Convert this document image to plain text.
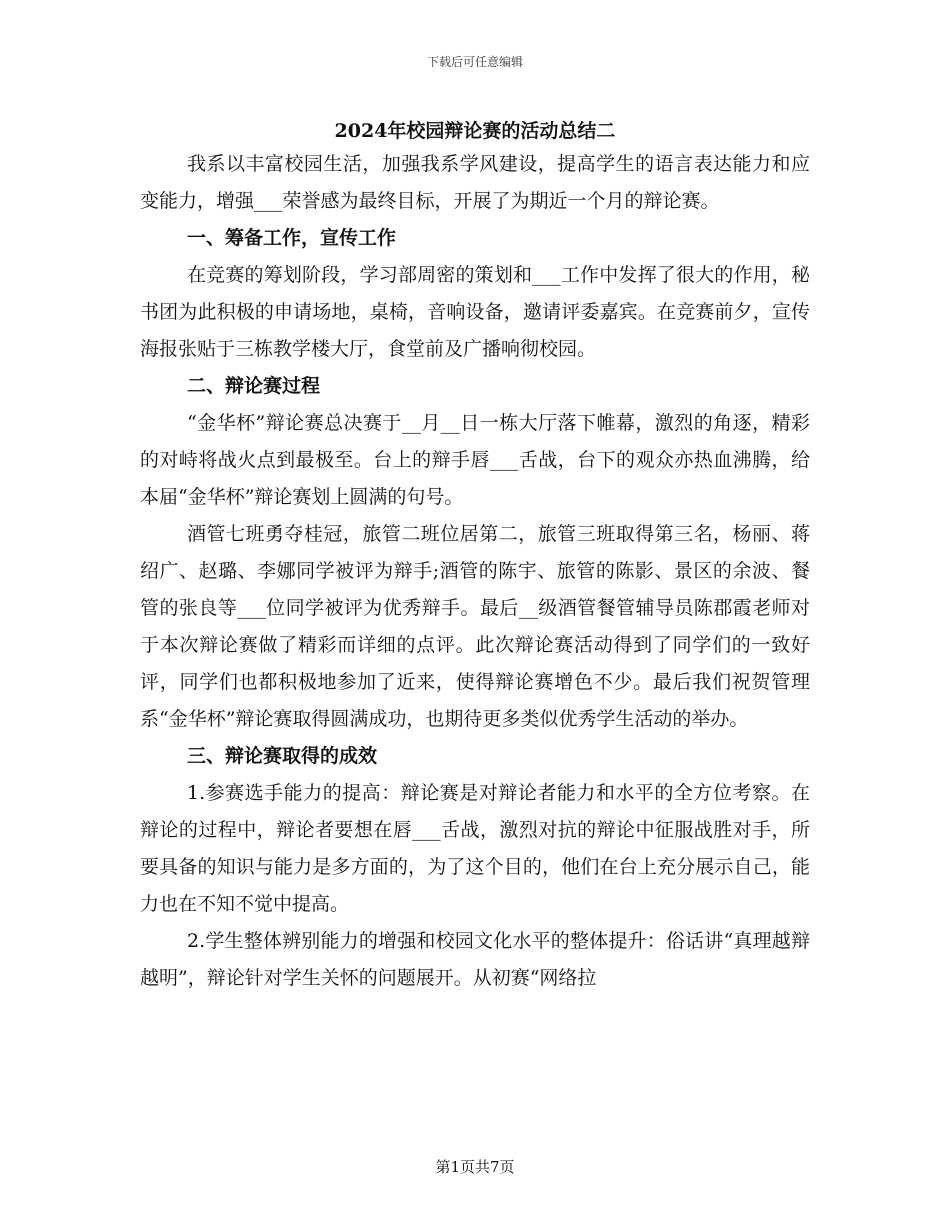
下载后可任意编辑
2024年校园辩论赛的活动总结二

我系以丰富校园生活，加强我系学风建设，提高学生的语言表达能力和应变能力，增强___荣誉感为最终目标，开展了为期近一个月的辩论赛。

一、筹备工作，宣传工作

在竞赛的筹划阶段，学习部周密的策划和___工作中发挥了很大的作用，秘书团为此积极的申请场地，桌椅，音响设备，邀请评委嘉宾。在竞赛前夕，宣传海报张贴于三栋教学楼大厅，食堂前及广播响彻校园。

二、辩论赛过程

“金华杯”辩论赛总决赛于__月__日一栋大厅落下帷幕，激烈的角逐，精彩的对峙将战火点到最极至。台上的辩手唇___舌战，台下的观众亦热血沸腾，给本届“金华杯”辩论赛划上圆满的句号。

酒管七班勇夺桂冠，旅管二班位居第二，旅管三班取得第三名，杨丽、蒋绍广、赵璐、李娜同学被评为辩手;酒管的陈宇、旅管的陈影、景区的余波、餐管的张良等___位同学被评为优秀辩手。最后__级酒管餐管辅导员陈郡霞老师对于本次辩论赛做了精彩而详细的点评。此次辩论赛活动得到了同学们的一致好评，同学们也都积极地参加了近来，使得辩论赛增色不少。最后我们祝贺管理系“金华杯”辩论赛取得圆满成功，也期待更多类似优秀学生活动的举办。

三、辩论赛取得的成效

1.参赛选手能力的提高：辩论赛是对辩论者能力和水平的全方位考察。在辩论的过程中，辩论者要想在唇___舌战，激烈对抗的辩论中征服战胜对手，所要具备的知识与能力是多方面的，为了这个目的，他们在台上充分展示自己，能力也在不知不觉中提高。

2.学生整体辨别能力的增强和校园文化水平的整体提升：俗话讲“真理越辩越明”，辩论针对学生关怀的问题展开。从初赛“网络拉

第1页共7页
